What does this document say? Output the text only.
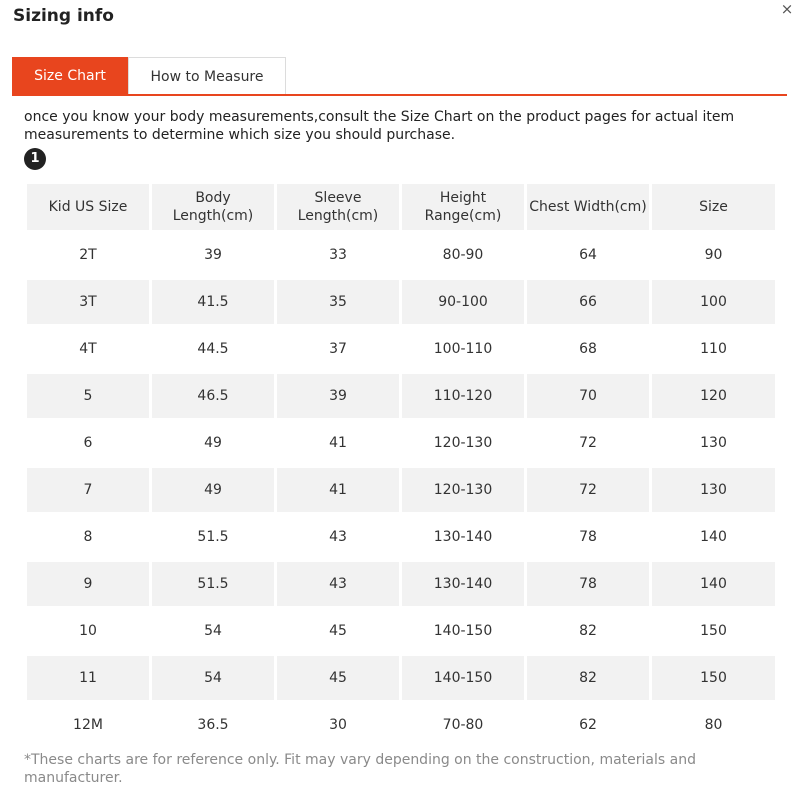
Sizing info	×
Size Chart	How to Measure
once you know your body measurements,consult the Size Chart on the product pages for actual item measurements to determine which size you should purchase.
1
Kid US Size	Body Length(cm)	Sleeve Length(cm)	Height Range(cm)	Chest Width(cm)	Size
2T	39	33	80-90	64	90
3T	41.5	35	90-100	66	100
4T	44.5	37	100-110	68	110
5	46.5	39	110-120	70	120
6	49	41	120-130	72	130
7	49	41	120-130	72	130
8	51.5	43	130-140	78	140
9	51.5	43	130-140	78	140
10	54	45	140-150	82	150
11	54	45	140-150	82	150
12M	36.5	30	70-80	62	80
*These charts are for reference only. Fit may vary depending on the construction, materials and manufacturer.
